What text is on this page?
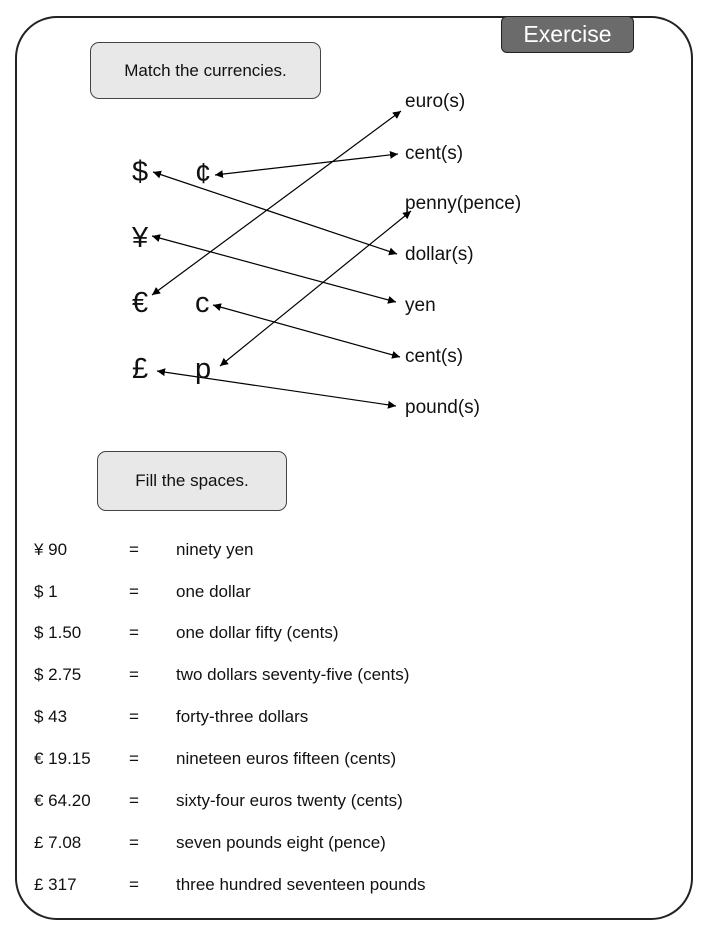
Exercise
Match the currencies.
$ ¢
¥
€ c
£ p
euro(s)
cent(s)
penny(pence)
dollar(s)
yen
cent(s)
pound(s)
Fill the spaces.
¥ 90	= ninety yen
$ 1	= one dollar
$ 1.50	= one dollar fifty (cents)
$ 2.75	= two dollars seventy-five (cents)
$ 43	= forty-three dollars
€ 19.15 = nineteen euros fifteen (cents)
€ 64.20 = sixty-four euros twenty (cents)
£ 7.08	= seven pounds eight (pence)
£ 317	= three hundred seventeen pounds
